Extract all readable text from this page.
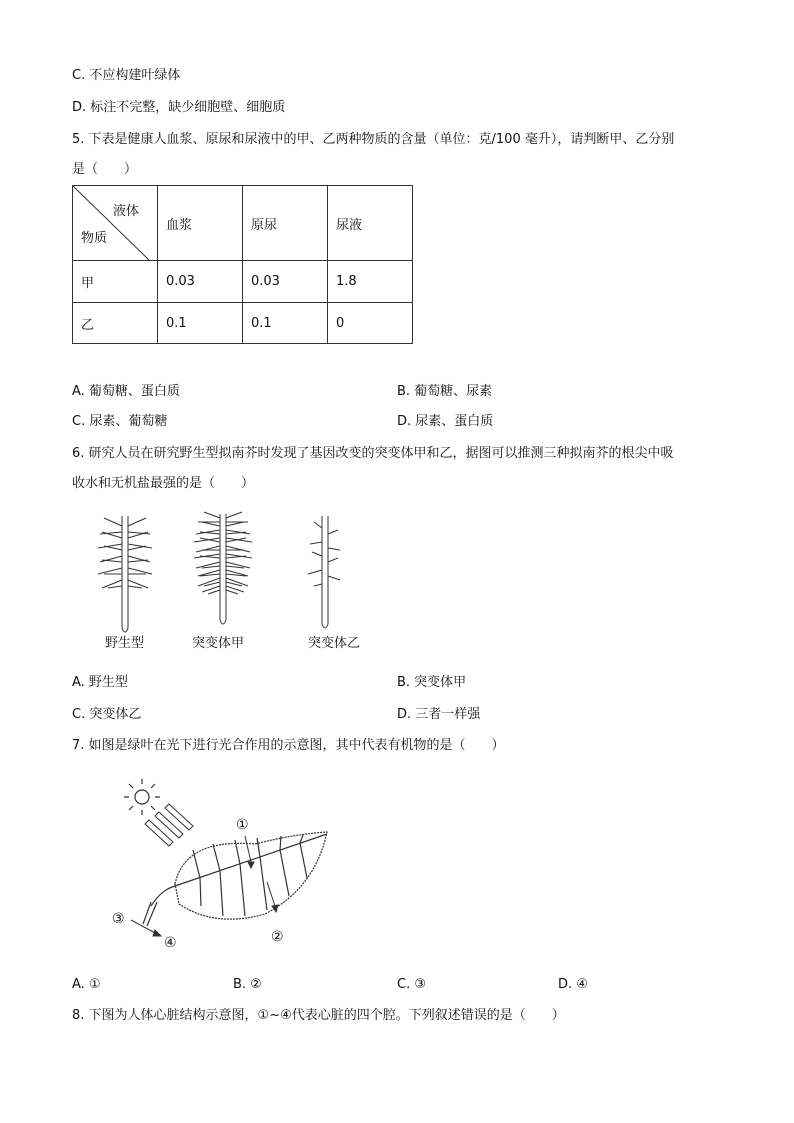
C. 不应构建叶绿体
D. 标注不完整，缺少细胞壁、细胞质
5. 下表是健康人血浆、原尿和尿液中的甲、乙两种物质的含量（单位：克/100 毫升），请判断甲、乙分别
是（　　）
液体
物质	血浆	原尿	尿液
甲	0.03	0.03	1.8
乙	0.1	0.1	0
A. 葡萄糖、蛋白质	B. 葡萄糖、尿素
C. 尿素、葡萄糖	D. 尿素、蛋白质
6. 研究人员在研究野生型拟南芥时发现了基因改变的突变体甲和乙，据图可以推测三种拟南芥的根尖中吸
收水和无机盐最强的是（　　）
野生型	突变体甲	突变体乙
A. 野生型	B. 突变体甲
C. 突变体乙	D. 三者一样强
7. 如图是绿叶在光下进行光合作用的示意图，其中代表有机物的是（　　）
①
②
③
④
A. ①	B. ②	C. ③	D. ④
8. 下图为人体心脏结构示意图，①~④代表心脏的四个腔。下列叙述错误的是（　　）
